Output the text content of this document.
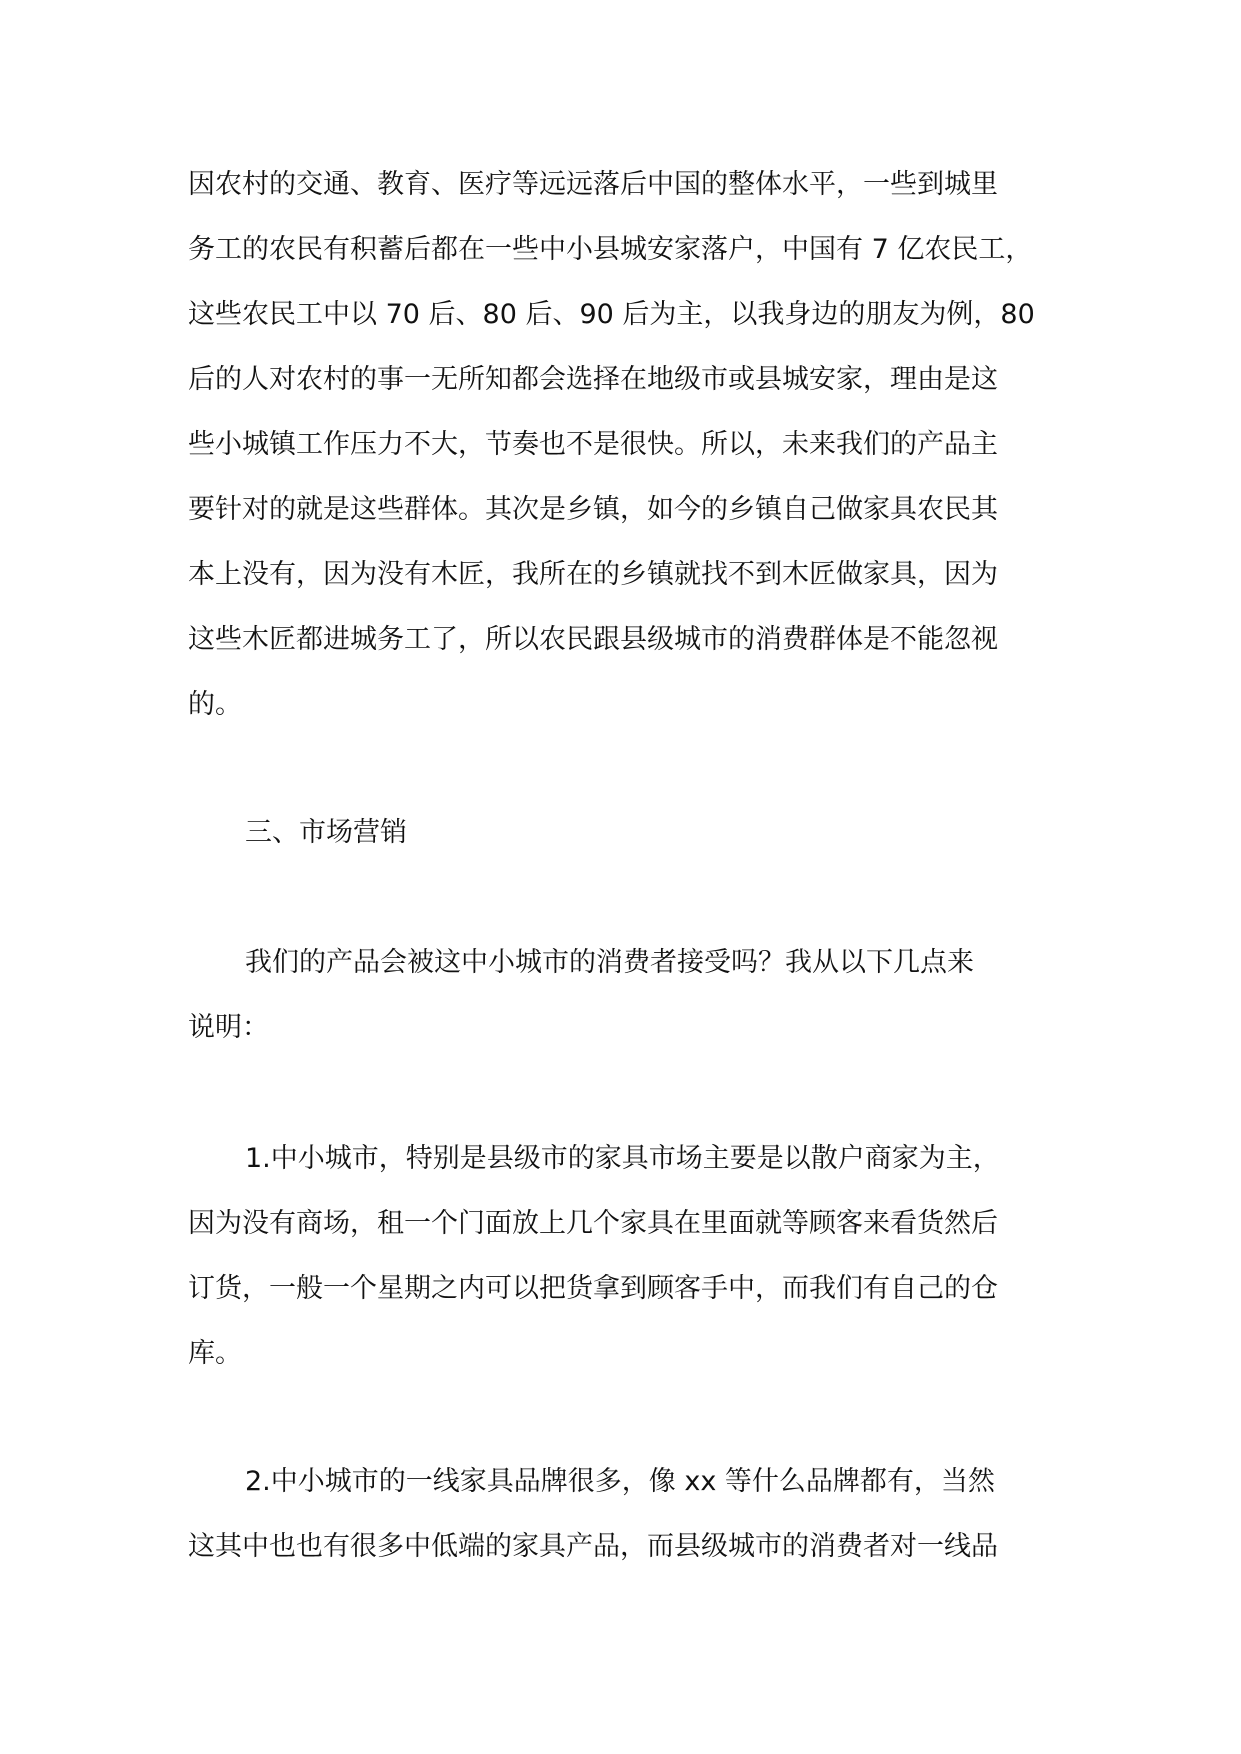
因农村的交通、教育、医疗等远远落后中国的整体水平，一些到城里
务工的农民有积蓄后都在一些中小县城安家落户，中国有 7 亿农民工，
这些农民工中以 70 后、80 后、90 后为主，以我身边的朋友为例，80
后的人对农村的事一无所知都会选择在地级市或县城安家，理由是这
些小城镇工作压力不大，节奏也不是很快。所以，未来我们的产品主
要针对的就是这些群体。其次是乡镇，如今的乡镇自己做家具农民其
本上没有，因为没有木匠，我所在的乡镇就找不到木匠做家具，因为
这些木匠都进城务工了，所以农民跟县级城市的消费群体是不能忽视
的。
三、市场营销
我们的产品会被这中小城市的消费者接受吗？我从以下几点来
说明：
1.中小城市，特别是县级市的家具市场主要是以散户商家为主，
因为没有商场，租一个门面放上几个家具在里面就等顾客来看货然后
订货，一般一个星期之内可以把货拿到顾客手中，而我们有自己的仓
库。
2.中小城市的一线家具品牌很多，像 xx 等什么品牌都有，当然
这其中也也有很多中低端的家具产品，而县级城市的消费者对一线品
